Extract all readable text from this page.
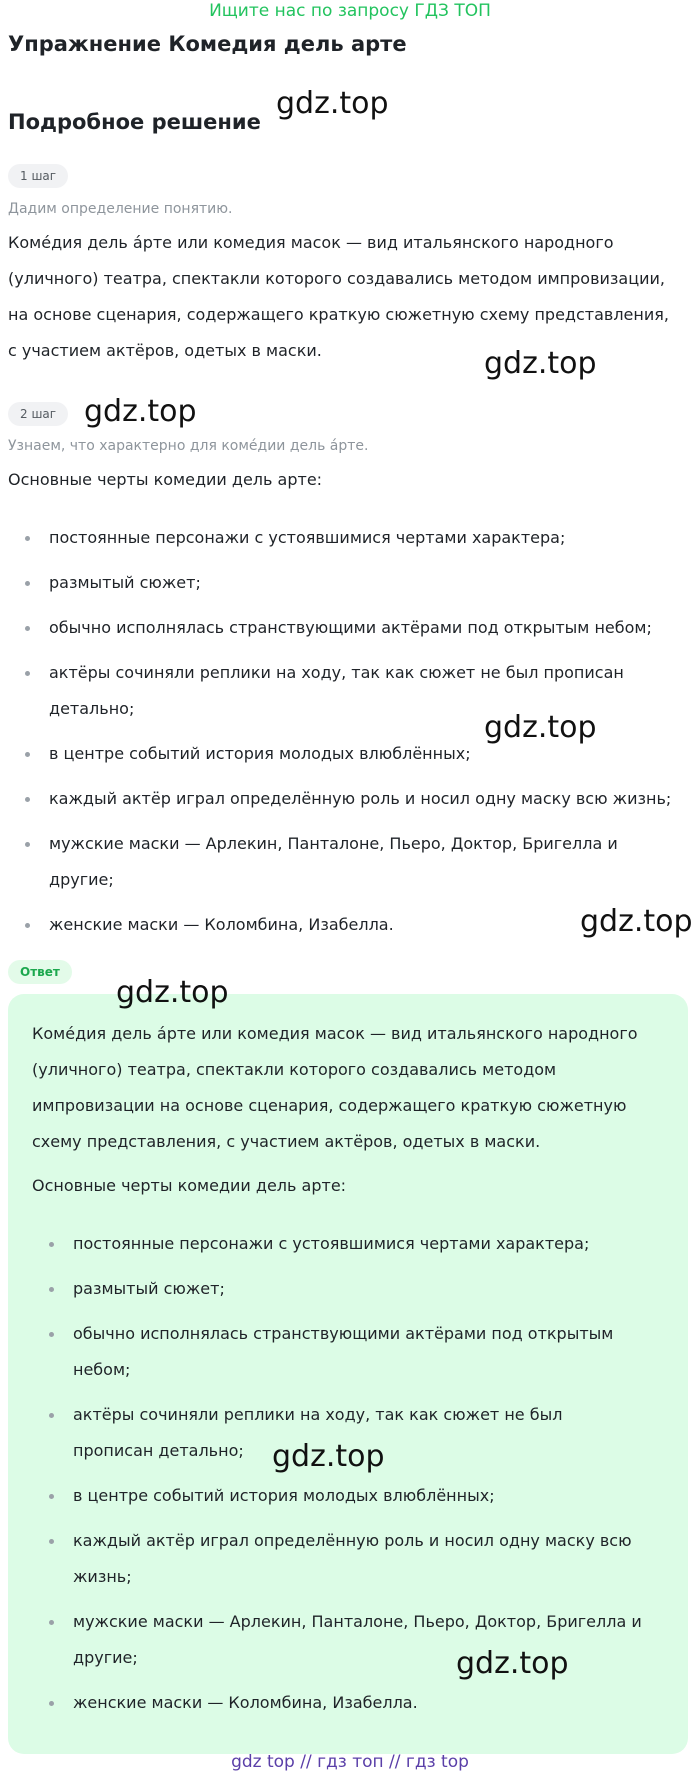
Ищите нас по запросу ГДЗ ТОП
Упражнение Комедия дель арте
Подробное решение
1 шаг

Дадим определение понятию.

Комéдия дель áрте или комедия масок — вид итальянского народного (уличного) театра, спектакли которого создавались методом импровизации, на основе сценария, содержащего краткую сюжетную схему представления, с участием актёров, одетых в маски.

2 шаг

Узнаем, что характерно для комéдии дель áрте.

Основные черты комедии дель арте:

постоянные персонажи с устоявшимися чертами характера;
размытый сюжет;
обычно исполнялась странствующими актёрами под открытым небом;
актёры сочиняли реплики на ходу, так как сюжет не был прописан детально;
в центре событий история молодых влюблённых;
каждый актёр играл определённую роль и носил одну маску всю жизнь;
мужские маски — Арлекин, Панталоне, Пьеро, Доктор, Бригелла и другие;
женские маски — Коломбина, Изабелла.
Ответ

Комéдия дель áрте или комедия масок — вид итальянского народного (уличного) театра, спектакли которого создавались методом импровизации на основе сценария, содержащего краткую сюжетную схему представления, с участием актёров, одетых в маски.

Основные черты комедии дель арте:

постоянные персонажи с устоявшимися чертами характера;
размытый сюжет;
обычно исполнялась странствующими актёрами под открытым небом;
актёры сочиняли реплики на ходу, так как сюжет не был прописан детально;
в центре событий история молодых влюблённых;
каждый актёр играл определённую роль и носил одну маску всю жизнь;
мужские маски — Арлекин, Панталоне, Пьеро, Доктор, Бригелла и другие;
женские маски — Коломбина, Изабелла.
gdz.top
gdz.top
gdz.top
gdz.top
gdz.top
gdz.top
gdz.top
gdz.top
gdz top // гдз топ // гдз top
